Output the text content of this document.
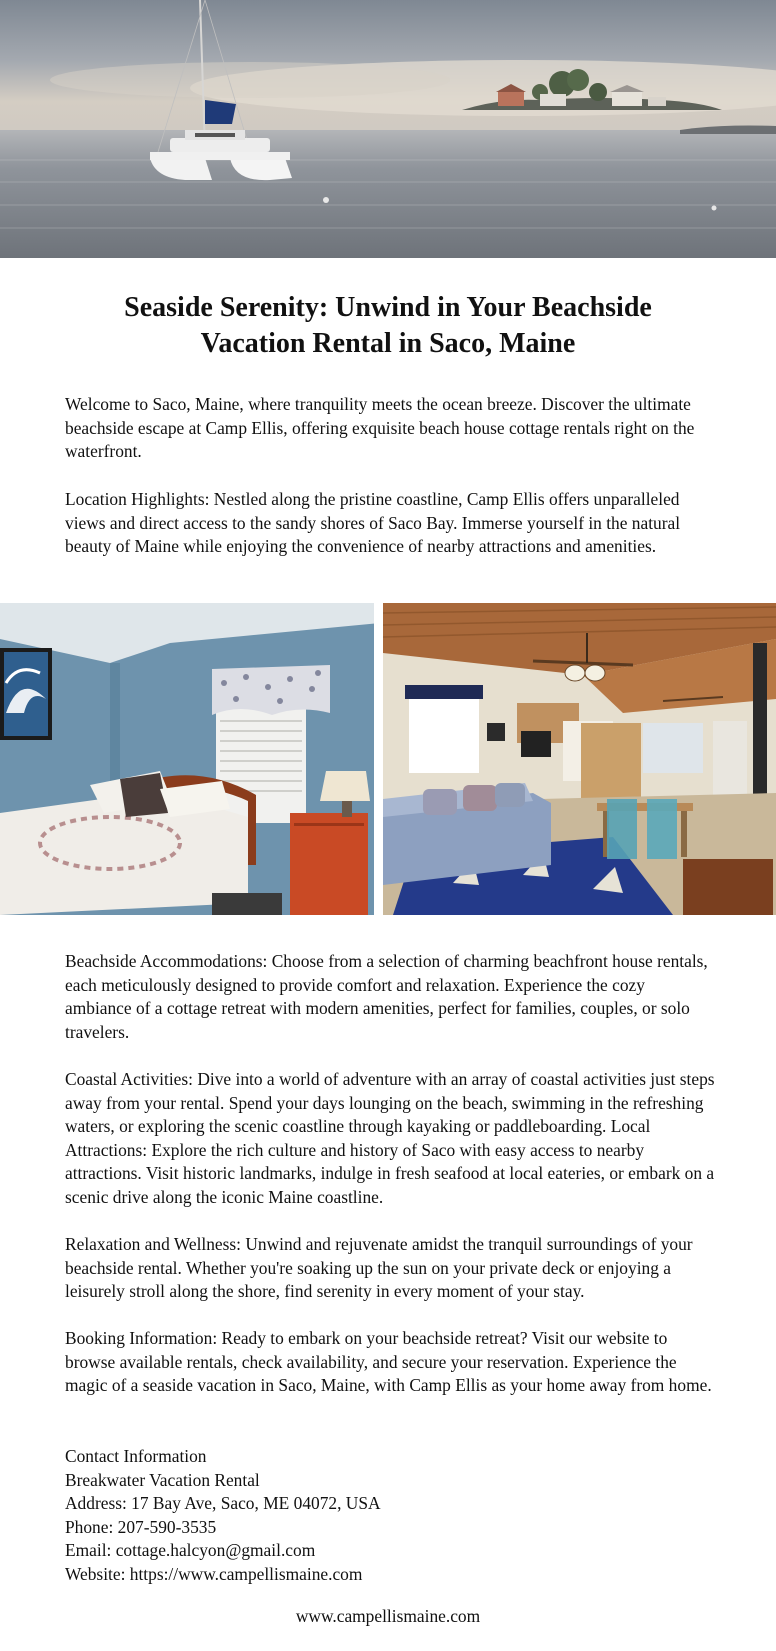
Seaside Serenity: Unwind in Your Beachside
Vacation Rental in Saco, Maine

Welcome to Saco, Maine, where tranquility meets the ocean breeze. Discover the ultimate beachside escape at Camp Ellis, offering exquisite beach house cottage rentals right on the waterfront.

Location Highlights: Nestled along the pristine coastline, Camp Ellis offers unparalleled views and direct access to the sandy shores of Saco Bay. Immerse yourself in the natural beauty of Maine while enjoying the convenience of nearby attractions and amenities.

Beachside Accommodations: Choose from a selection of charming beachfront house rentals, each meticulously designed to provide comfort and relaxation. Experience the cozy ambiance of a cottage retreat with modern amenities, perfect for families, couples, or solo travelers.

Coastal Activities: Dive into a world of adventure with an array of coastal activities just steps away from your rental. Spend your days lounging on the beach, swimming in the refreshing waters, or exploring the scenic coastline through kayaking or paddleboarding. Local Attractions: Explore the rich culture and history of Saco with easy access to nearby attractions. Visit historic landmarks, indulge in fresh seafood at local eateries, or embark on a scenic drive along the iconic Maine coastline.

Relaxation and Wellness: Unwind and rejuvenate amidst the tranquil surroundings of your beachside rental. Whether you're soaking up the sun on your private deck or enjoying a leisurely stroll along the shore, find serenity in every moment of your stay.

Booking Information: Ready to embark on your beachside retreat? Visit our website to browse available rentals, check availability, and secure your reservation. Experience the magic of a seaside vacation in Saco, Maine, with Camp Ellis as your home away from home.

Contact Information

Breakwater Vacation Rental

Address: 17 Bay Ave, Saco, ME 04072, USA

Phone: 207-590-3535

Email: cottage.halcyon@gmail.com

Website: https://www.campellismaine.com

www.campellismaine.com
